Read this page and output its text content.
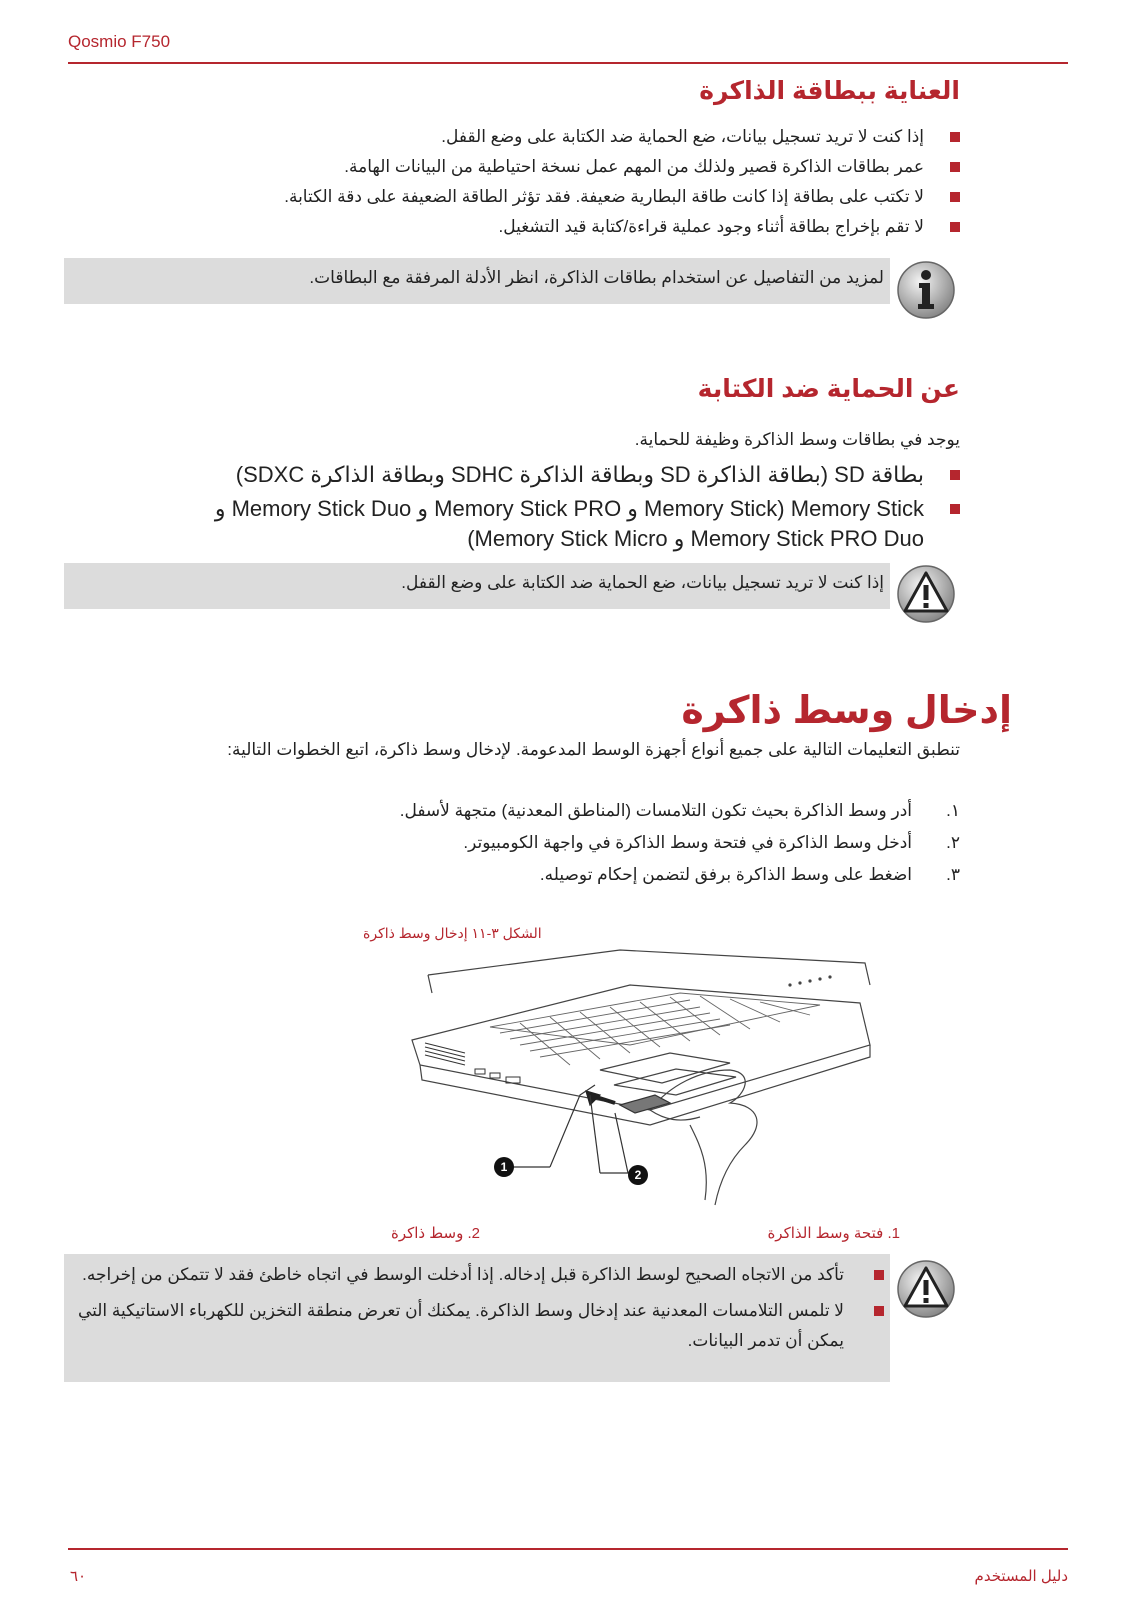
Qosmio F750
العناية ببطاقة الذاكرة
إذا كنت لا تريد تسجيل بيانات، ضع الحماية ضد الكتابة على وضع القفل.
عمر بطاقات الذاكرة قصير ولذلك من المهم عمل نسخة احتياطية من البيانات الهامة.
لا تكتب على بطاقة إذا كانت طاقة البطارية ضعيفة. فقد تؤثر الطاقة الضعيفة على دقة الكتابة.
لا تقم بإخراج بطاقة أثناء وجود عملية قراءة/كتابة قيد التشغيل.
لمزيد من التفاصيل عن استخدام بطاقات الذاكرة، انظر الأدلة المرفقة مع البطاقات.
عن الحماية ضد الكتابة
يوجد في بطاقات وسط الذاكرة وظيفة للحماية.
بطاقة SD (بطاقة الذاكرة SD وبطاقة الذاكرة SDHC وبطاقة الذاكرة SDXC)
Memory Stick (Memory Stick و Memory Stick PRO و Memory Stick Duo و Memory Stick PRO Duo و Memory Stick Micro)
إذا كنت لا تريد تسجيل بيانات، ضع الحماية ضد الكتابة على وضع القفل.
إدخال وسط ذاكرة
تنطبق التعليمات التالية على جميع أنواع أجهزة الوسط المدعومة. لإدخال وسط ذاكرة، اتبع الخطوات التالية:
١.
أدر وسط الذاكرة بحيث تكون التلامسات (المناطق المعدنية) متجهة لأسفل.
٢.
أدخل وسط الذاكرة في فتحة وسط الذاكرة في واجهة الكومبيوتر.
٣.
اضغط على وسط الذاكرة برفق لتضمن إحكام توصيله.
الشكل ٣-١١ إدخال وسط ذاكرة
1
2
1. فتحة وسط الذاكرة
2. وسط ذاكرة
تأكد من الاتجاه الصحيح لوسط الذاكرة قبل إدخاله. إذا أدخلت الوسط في اتجاه خاطئ فقد لا تتمكن من إخراجه.
لا تلمس التلامسات المعدنية عند إدخال وسط الذاكرة. يمكنك أن تعرض منطقة التخزين للكهرباء الاستاتيكية التي يمكن أن تدمر البيانات.
٦٠	دليل المستخدم
